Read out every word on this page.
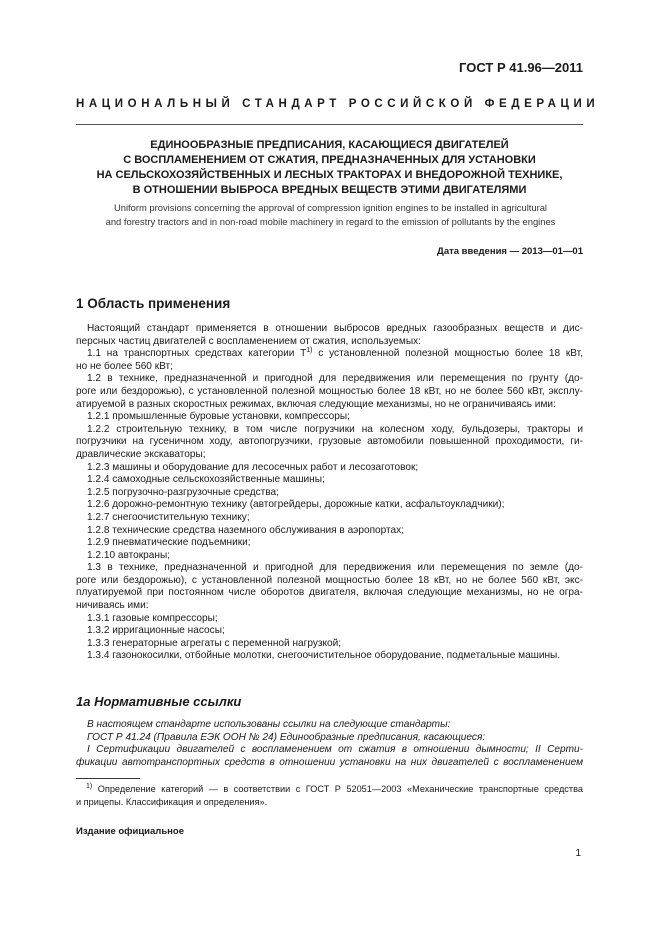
ГОСТ Р 41.96—2011
НАЦИОНАЛЬНЫЙ СТАНДАРТ РОССИЙСКОЙ ФЕДЕРАЦИИ
ЕДИНООБРАЗНЫЕ ПРЕДПИСАНИЯ, КАСАЮЩИЕСЯ ДВИГАТЕЛЕЙ
С ВОСПЛАМЕНЕНИЕМ ОТ СЖАТИЯ, ПРЕДНАЗНАЧЕННЫХ ДЛЯ УСТАНОВКИ
НА СЕЛЬСКОХОЗЯЙСТВЕННЫХ И ЛЕСНЫХ ТРАКТОРАХ И ВНЕДОРОЖНОЙ ТЕХНИКЕ,
В ОТНОШЕНИИ ВЫБРОСА ВРЕДНЫХ ВЕЩЕСТВ ЭТИМИ ДВИГАТЕЛЯМИ
Uniform provisions concerning the approval of compression ignition engines to be installed in agricultural
and forestry tractors and in non-road mobile machinery in regard to the emission of pollutants by the engines
Дата введения — 2013—01—01
1 Область применения
Настоящий стандарт применяется в отношении выбросов вредных газообразных веществ и дис-
персных частиц двигателей с воспламенением от сжатия, используемых:
1.1 на транспортных средствах категории $Т^{1)}$ с установленной полезной мощностью более 18 кВт,
но не более 560 кВт;
1.2 в технике, предназначенной и пригодной для передвижения или перемещения по грунту (до-
роге или бездорожью), с установленной полезной мощностью более 18 кВт, но не более 560 кВт, эксплу-
атируемой в разных скоростных режимах, включая следующие механизмы, но не ограничиваясь ими:
1.2.1 промышленные буровые установки, компрессоры;
1.2.2 строительную технику, в том числе погрузчики на колесном ходу, бульдозеры, тракторы и
погрузчики на гусеничном ходу, автопогрузчики, грузовые автомобили повышенной проходимости, ги-
дравлические экскаваторы;
1.2.3 машины и оборудование для лесосечных работ и лесозаготовок;
1.2.4 самоходные сельскохозяйственные машины;
1.2.5 погрузочно-разгрузочные средства;
1.2.6 дорожно-ремонтную технику (автогрейдеры, дорожные катки, асфальтоукладчики);
1.2.7 снегоочистительную технику;
1.2.8 технические средства наземного обслуживания в аэропортах;
1.2.9 пневматические подъемники;
1.2.10 автокраны;
1.3 в технике, предназначенной и пригодной для передвижения или перемещения по земле (до-
роге или бездорожью), с установленной полезной мощностью более 18 кВт, но не более 560 кВт, экс-
плуатируемой при постоянном числе оборотов двигателя, включая следующие механизмы, но не огра-
ничиваясь ими:
1.3.1 газовые компрессоры;
1.3.2 ирригационные насосы;
1.3.3 генераторные агрегаты с переменной нагрузкой;
1.3.4 газонокосилки, отбойные молотки, снегоочистительное оборудование, подметальные машины.
1а Нормативные ссылки
В настоящем стандарте использованы ссылки на следующие стандарты:
ГОСТ Р 41.24 (Правила ЕЭК ООН № 24) Единообразные предписания, касающиеся:
I Сертификации двигателей с воспламенением от сжатия в отношении дымности; II Серти-
фикации автотранспортных средств в отношении установки на них двигателей с воспламенением
$^{1)}$ Определение категорий — в соответствии с ГОСТ Р 52051—2003 «Механические транспортные средства
и прицепы. Классификация и определения».
Издание официальное
1
